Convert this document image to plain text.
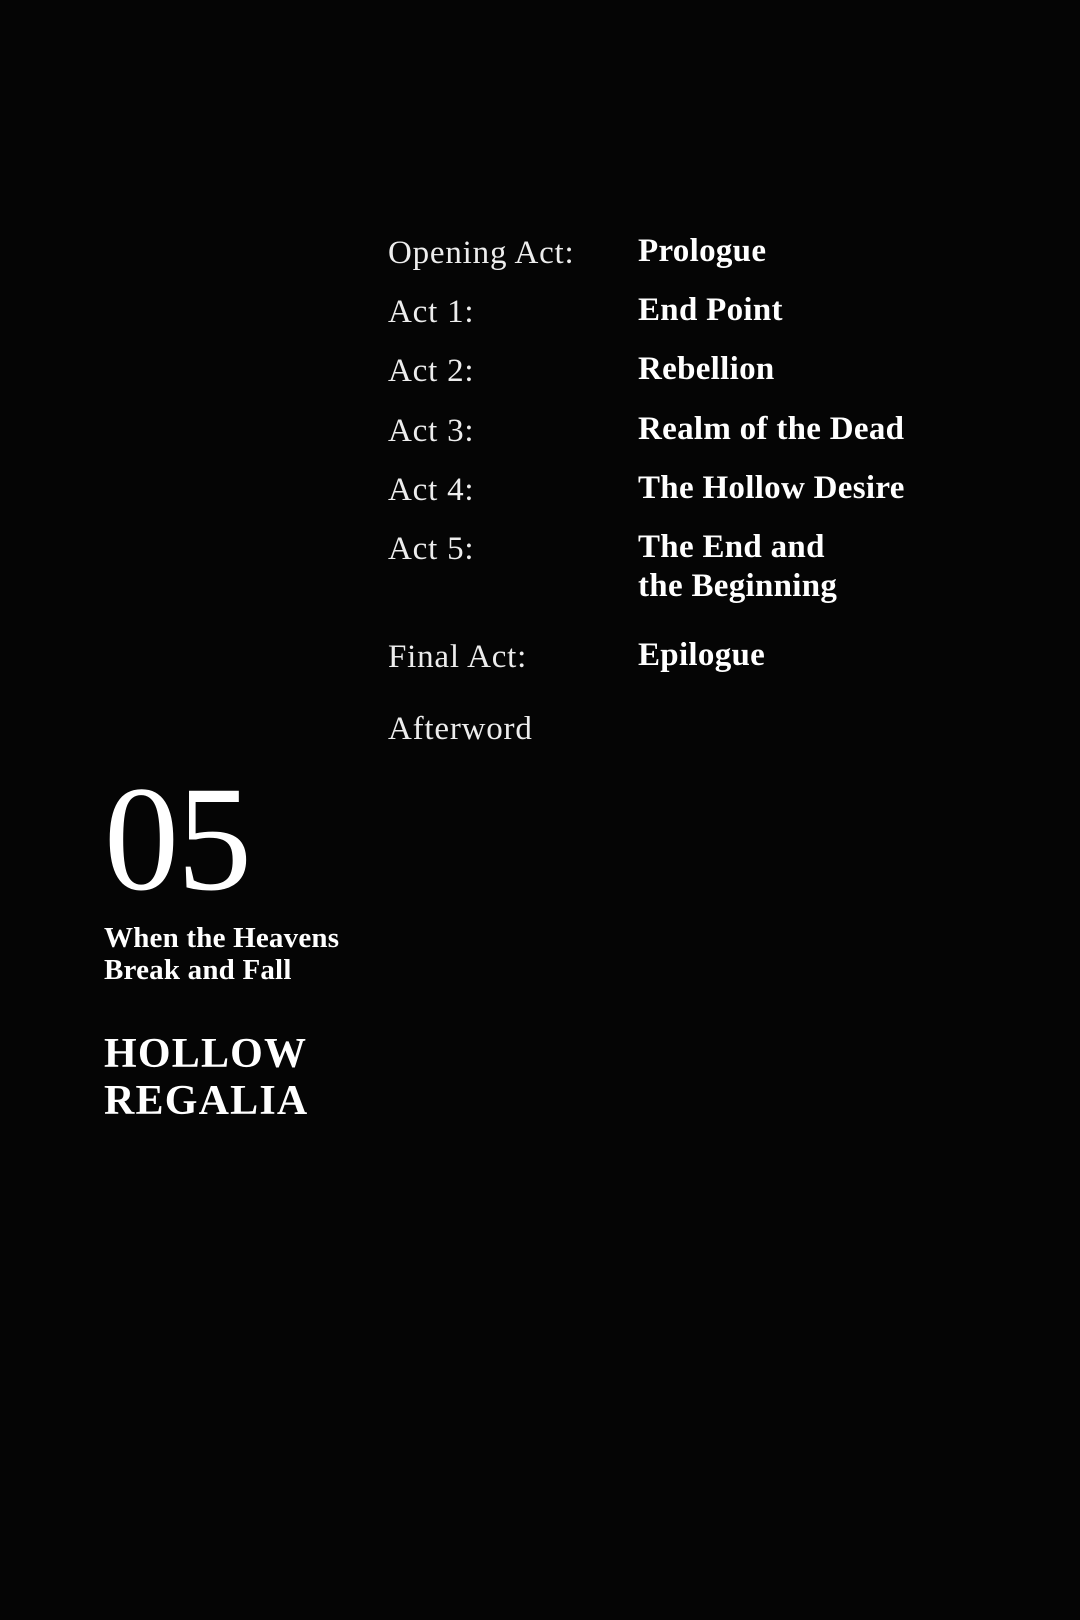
Opening Act:	Prologue
Act 1:	End Point
Act 2:	Rebellion
Act 3:	Realm of the Dead
Act 4:	The Hollow Desire
Act 5:	The End and
the Beginning
Final Act:	Epilogue
Afterword
05
When the Heavens
Break and Fall
HOLLOW
REGALIA
